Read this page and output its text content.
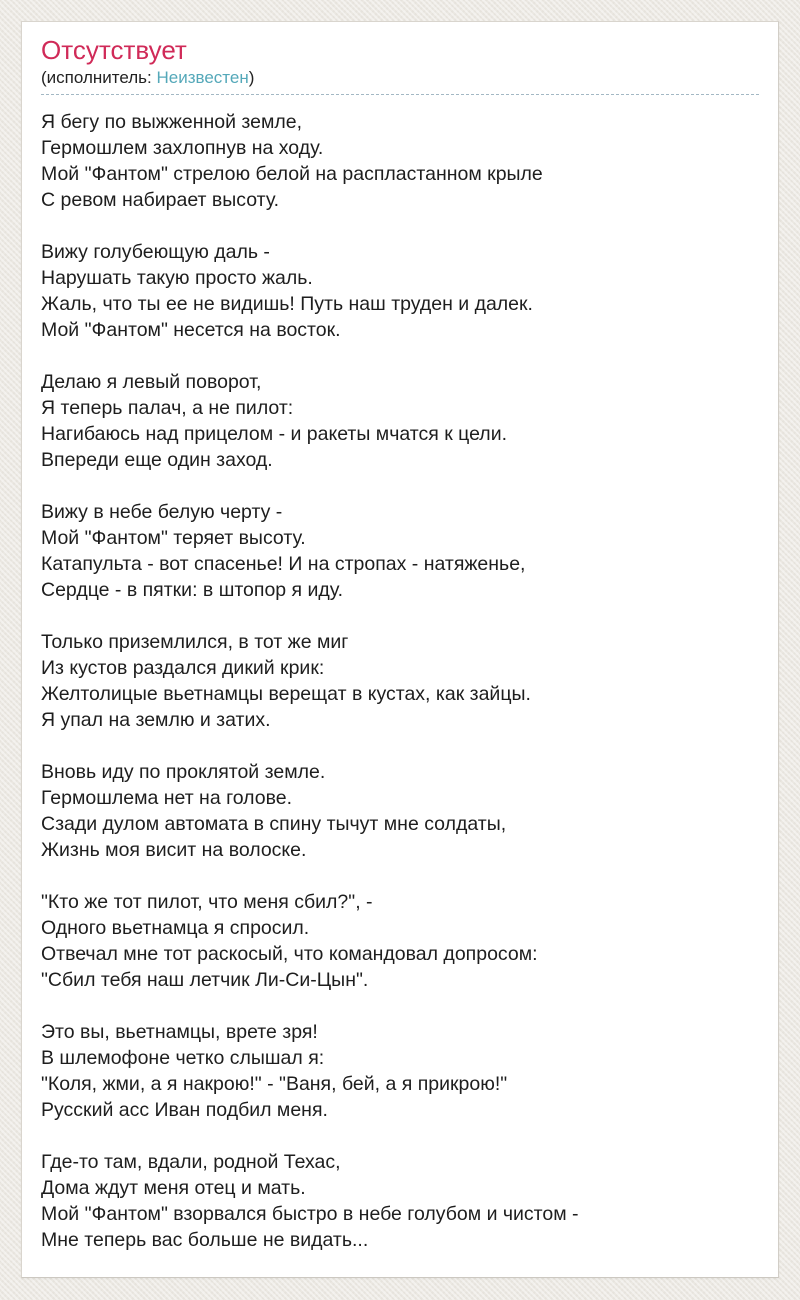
Отсутствует
(исполнитель: Неизвестен)
Я бегу по выжженной земле,
Гермошлем захлопнув на ходу.
Мой "Фантом" стрелою белой на распластанном крыле
С ревом набирает высоту.
Вижу голубеющую даль -
Нарушать такую просто жаль.
Жаль, что ты ее не видишь! Путь наш труден и далек.
Мой "Фантом" несется на восток.
Делаю я левый поворот,
Я теперь палач, а не пилот:
Нагибаюсь над прицелом - и ракеты мчатся к цели.
Впереди еще один заход.
Вижу в небе белую черту -
Мой "Фантом" теряет высоту.
Катапульта - вот спасенье! И на стропах - натяженье,
Сердце - в пятки: в штопор я иду.
Только приземлился, в тот же миг
Из кустов раздался дикий крик:
Желтолицые вьетнамцы верещат в кустах, как зайцы.
Я упал на землю и затих.
Вновь иду по проклятой земле.
Гермошлема нет на голове.
Сзади дулом автомата в спину тычут мне солдаты,
Жизнь моя висит на волоске.
"Кто же тот пилот, что меня сбил?", -
Одного вьетнамца я спросил.
Отвечал мне тот раскосый, что командовал допросом:
"Сбил тебя наш летчик Ли-Си-Цын".
Это вы, вьетнамцы, врете зря!
В шлемофоне четко слышал я:
"Коля, жми, а я накрою!" - "Ваня, бей, а я прикрою!"
Русский асс Иван подбил меня.
Где-то там, вдали, родной Техас,
Дома ждут меня отец и мать.
Мой "Фантом" взорвался быстро в небе голубом и чистом -
Мне теперь вас больше не видать...
